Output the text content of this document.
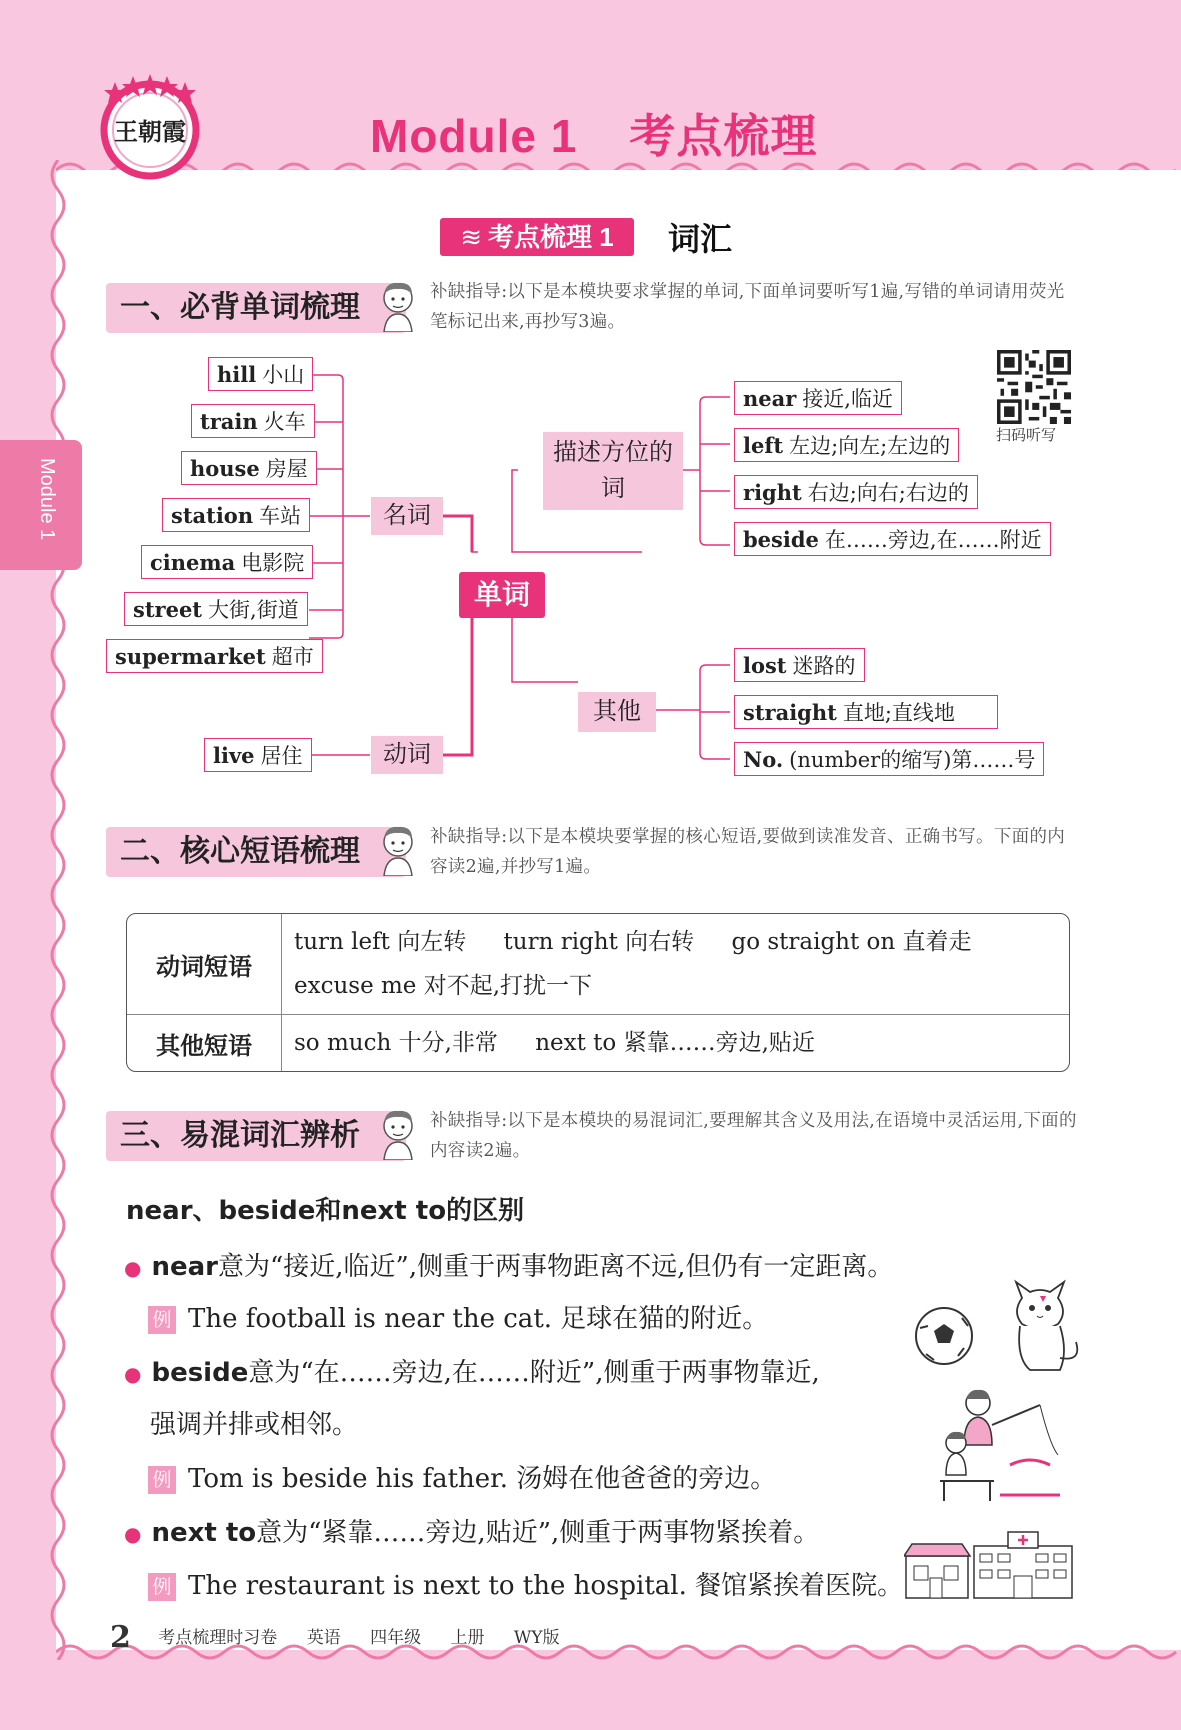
王朝霞	Module 1 考点梳理
Module 1
≋ 考点梳理 1	词汇
一、必背单词梳理	补缺指导:以下是本模块要求掌握的单词,下面单词要听写1遍,写错的单词请用荧光笔标记出来,再抄写3遍。
hill 小山
train 火车
house 房屋
station 车站
cinema 电影院
street 大街,街道
supermarket 超市
live 居住
名词
动词
描述方位的词
其他
单词
near 接近,临近
left 左边;向左;左边的
right 右边;向右;右边的
beside 在……旁边,在……附近
lost 迷路的
straight 直地;直线地
No. (number的缩写)第……号
扫码听写
二、核心短语梳理	补缺指导:以下是本模块要掌握的核心短语,要做到读准发音、正确书写。下面的内容读2遍,并抄写1遍。
动词短语	turn left 向左转 turn right 向右转 go straight on 直着走
excuse me 对不起,打扰一下

其他短语	so much 十分,非常 next to 紧靠……旁边,贴近
三、易混词汇辨析	补缺指导:以下是本模块的易混词汇,要理解其含义及用法,在语境中灵活运用,下面的内容读2遍。
near、beside和next to的区别
● near意为“接近,临近”,侧重于两事物距离不远,但仍有一定距离。
例 The football is near the cat. 足球在猫的附近。
● beside意为“在……旁边,在……附近”,侧重于两事物靠近,
强调并排或相邻。
例 Tom is beside his father. 汤姆在他爸爸的旁边。
● next to意为“紧靠……旁边,贴近”,侧重于两事物紧挨着。
例 The restaurant is next to the hospital. 餐馆紧挨着医院。
2 考点梳理时习卷 英语 四年级 上册 WY版
